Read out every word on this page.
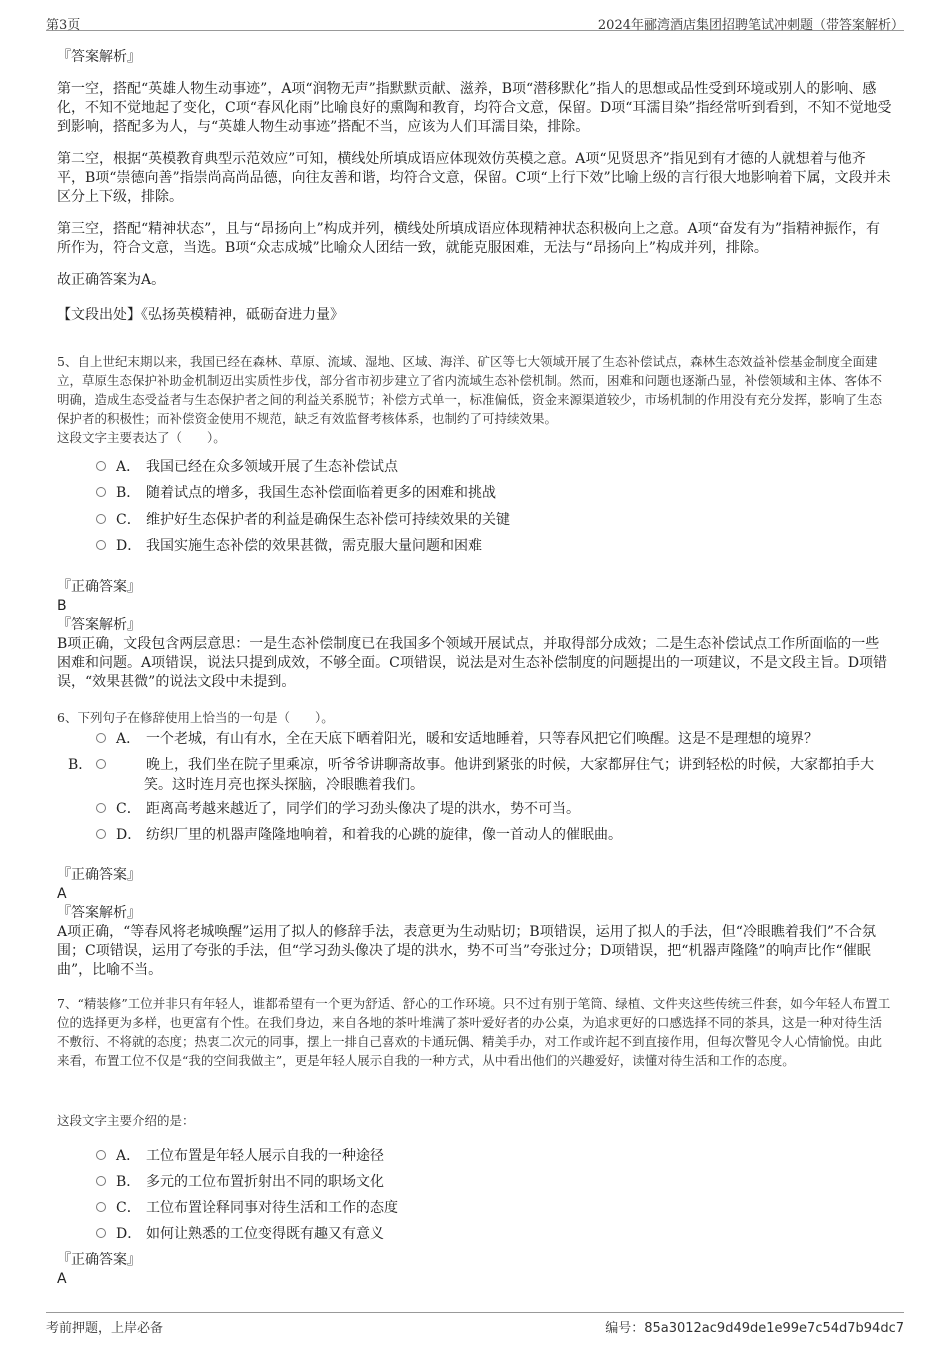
第3页	2024年郦湾酒店集团招聘笔试冲刺题（带答案解析）

『答案解析』

第一空，搭配“英雄人物生动事迹”，A项“润物无声”指默默贡献、滋养，B项“潜移默化”指人的思想或品性受到环境或别人的影响、感化，不知不觉地起了变化，C项“春风化雨”比喻良好的熏陶和教育，均符合文意，保留。D项“耳濡目染”指经常听到看到，不知不觉地受到影响，搭配多为人，与“英雄人物生动事迹”搭配不当，应该为人们耳濡目染，排除。

第二空，根据“英模教育典型示范效应”可知，横线处所填成语应体现效仿英模之意。A项“见贤思齐”指见到有才德的人就想着与他齐平，B项“崇德向善”指崇尚高尚品德，向往友善和谐，均符合文意，保留。C项“上行下效”比喻上级的言行很大地影响着下属，文段并未区分上下级，排除。

第三空，搭配“精神状态”，且与“昂扬向上”构成并列，横线处所填成语应体现精神状态积极向上之意。A项“奋发有为”指精神振作，有所作为，符合文意，当选。B项“众志成城”比喻众人团结一致，就能克服困难，无法与“昂扬向上”构成并列，排除。

故正确答案为A。

【文段出处】《弘扬英模精神，砥砺奋进力量》

5、自上世纪末期以来，我国已经在森林、草原、流域、湿地、区域、海洋、矿区等七大领域开展了生态补偿试点，森林生态效益补偿基金制度全面建立，草原生态保护补助金机制迈出实质性步伐，部分省市初步建立了省内流域生态补偿机制。然而，困难和问题也逐渐凸显，补偿领域和主体、客体不明确，造成生态受益者与生态保护者之间的利益关系脱节；补偿方式单一，标准偏低，资金来源渠道较少，市场机制的作用没有充分发挥，影响了生态保护者的积极性；而补偿资金使用不规范，缺乏有效监督考核体系，也制约了可持续效果。

这段文字主要表达了（　　）。

A． 我国已经在众多领域开展了生态补偿试点
B． 随着试点的增多，我国生态补偿面临着更多的困难和挑战
C． 维护好生态保护者的利益是确保生态补偿可持续效果的关键
D． 我国实施生态补偿的效果甚微，需克服大量问题和困难

『正确答案』

B

『答案解析』

B项正确，文段包含两层意思：一是生态补偿制度已在我国多个领域开展试点，并取得部分成效；二是生态补偿试点工作所面临的一些困难和问题。A项错误，说法只提到成效，不够全面。C项错误，说法是对生态补偿制度的问题提出的一项建议，不是文段主旨。D项错误，“效果甚微”的说法文段中未提到。

6、下列句子在修辞使用上恰当的一句是（　　）。

A． 一个老城，有山有水，全在天底下晒着阳光，暖和安适地睡着，只等春风把它们唤醒。这是不是理想的境界？
B．	晚上，我们坐在院子里乘凉，听爷爷讲聊斋故事。他讲到紧张的时候，大家都屏住气；讲到轻松的时候，大家都拍手大笑。这时连月亮也探头探脑，冷眼瞧着我们。
C． 距离高考越来越近了，同学们的学习劲头像决了堤的洪水，势不可当。
D． 纺织厂里的机器声隆隆地响着，和着我的心跳的旋律，像一首动人的催眠曲。

『正确答案』

A

『答案解析』

A项正确，“等春风将老城唤醒”运用了拟人的修辞手法，表意更为生动贴切；B项错误，运用了拟人的手法，但“冷眼瞧着我们”不合氛围；C项错误，运用了夸张的手法，但“学习劲头像决了堤的洪水，势不可当”夸张过分；D项错误，把“机器声隆隆”的响声比作“催眠曲”，比喻不当。

7、“精装修”工位并非只有年轻人，谁都希望有一个更为舒适、舒心的工作环境。只不过有别于笔筒、绿植、文件夹这些传统三件套，如今年轻人布置工位的选择更为多样，也更富有个性。在我们身边，来自各地的茶叶堆满了茶叶爱好者的办公桌，为追求更好的口感选择不同的茶具，这是一种对待生活不敷衍、不将就的态度；热衷二次元的同事，摆上一排自己喜欢的卡通玩偶、精美手办，对工作或许起不到直接作用，但每次瞥见令人心情愉悦。由此来看，布置工位不仅是“我的空间我做主”，更是年轻人展示自我的一种方式，从中看出他们的兴趣爱好，读懂对待生活和工作的态度。

这段文字主要介绍的是：

A． 工位布置是年轻人展示自我的一种途径
B． 多元的工位布置折射出不同的职场文化
C． 工位布置诠释同事对待生活和工作的态度
D． 如何让熟悉的工位变得既有趣又有意义

『正确答案』

A

考前押题，上岸必备	编号：85a3012ac9d49de1e99e7c54d7b94dc7
